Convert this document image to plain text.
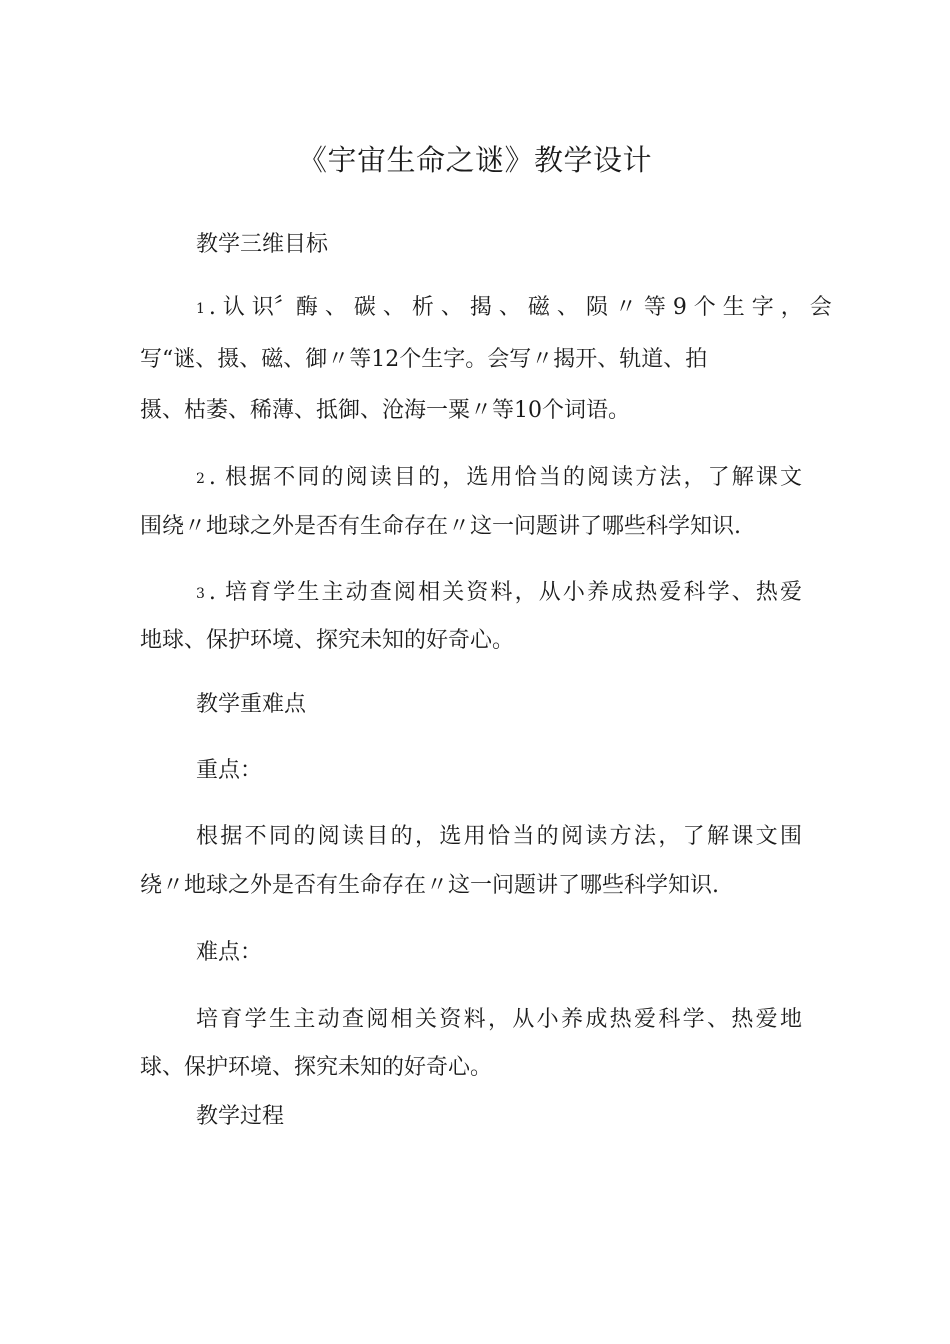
《宇宙生命之谜》教学设计
教学三维目标
1 . 认 识〞酶 、 碳 、 析 、 揭 、 磁 、 陨 〃 等 9 个 生 字 ， 会
写“谜、摄、磁、御〃等12个生字。会写〃揭开、轨道、拍
摄、枯萎、稀薄、抵御、沧海一粟〃等10个词语。
2 . 根据不同的阅读目的，选用恰当的阅读方法，了解课文
围绕〃地球之外是否有生命存在〃这一问题讲了哪些科学知识.
3 . 培育学生主动查阅相关资料，从小养成热爱科学、热爱
地球、保护环境、探究未知的好奇心。
教学重难点
重点：
根据不同的阅读目的，选用恰当的阅读方法，了解课文围
绕〃地球之外是否有生命存在〃这一问题讲了哪些科学知识.
难点：
培育学生主动查阅相关资料，从小养成热爱科学、热爱地
球、保护环境、探究未知的好奇心。
教学过程
